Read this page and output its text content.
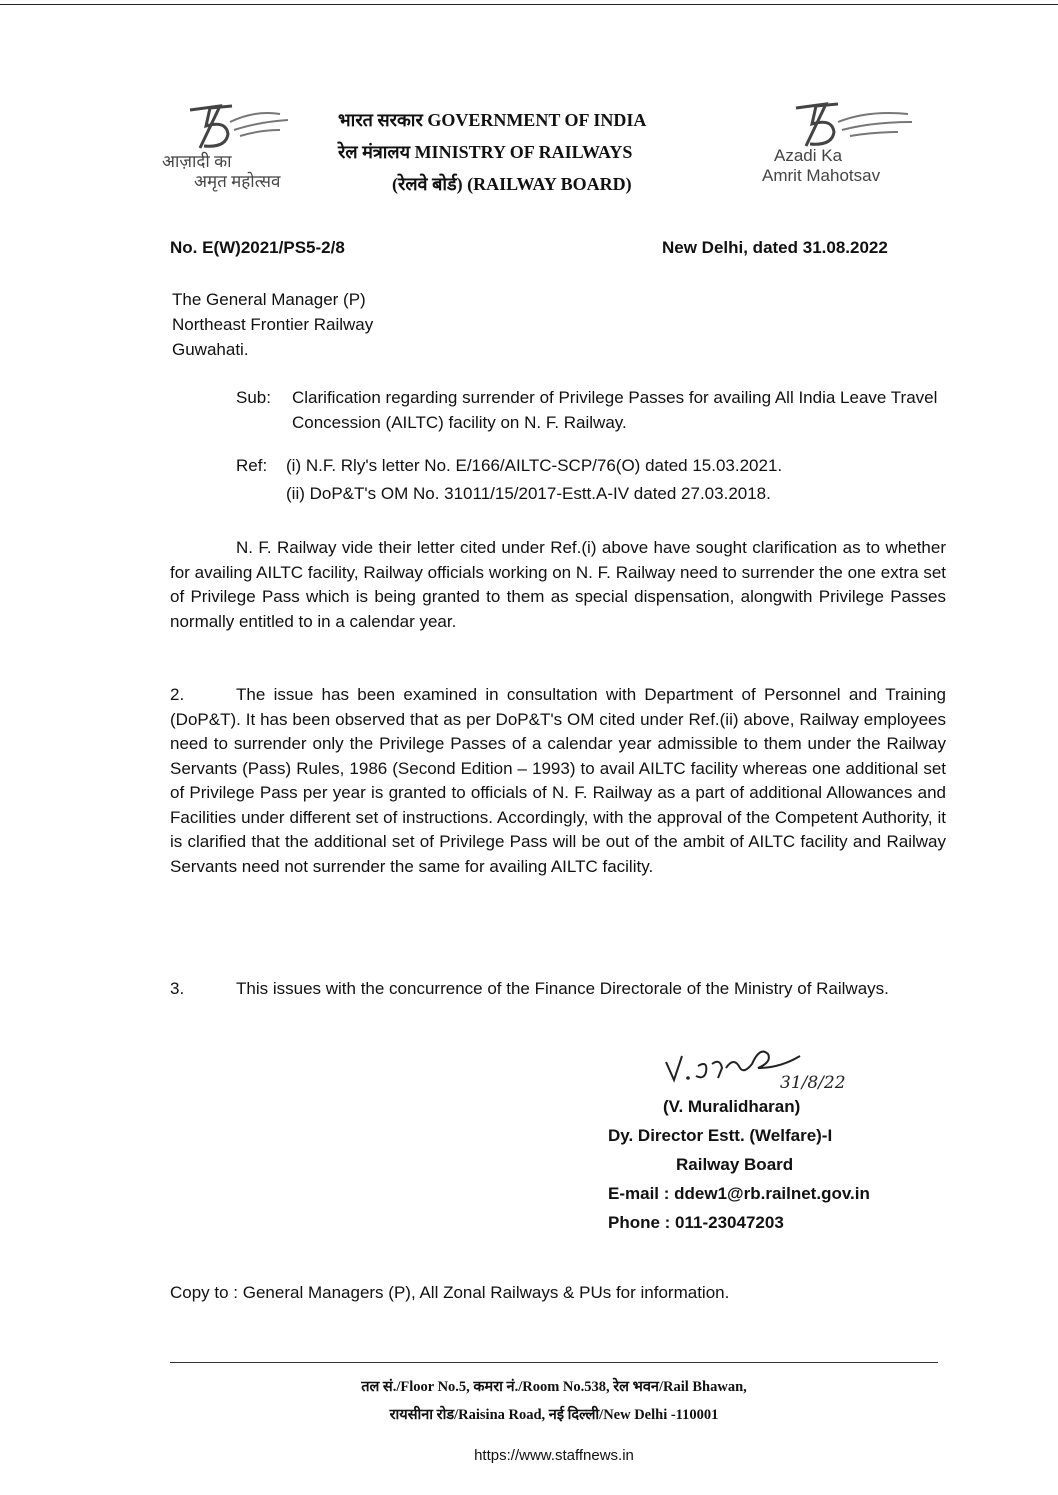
आज़ादी का
अमृत महोत्सव
भारत सरकार GOVERNMENT OF INDIA
रेल मंत्रालय MINISTRY OF RAILWAYS
(रेलवे बोर्ड) (RAILWAY BOARD)
Azadi Ka
Amrit Mahotsav
No. E(W)2021/PS5-2/8	New Delhi, dated 31.08.2022
The General Manager (P)
Northeast Frontier Railway
Guwahati.
Sub: Clarification regarding surrender of Privilege Passes for availing All India Leave Travel Concession (AILTC) facility on N. F. Railway.
Ref: (i) N.F. Rly's letter No. E/166/AILTC-SCP/76(O) dated 15.03.2021.
(ii) DoP&T's OM No. 31011/15/2017-Estt.A-IV dated 27.03.2018.
N. F. Railway vide their letter cited under Ref.(i) above have sought clarification as to whether for availing AILTC facility, Railway officials working on N. F. Railway need to surrender the one extra set of Privilege Pass which is being granted to them as special dispensation, alongwith Privilege Passes normally entitled to in a calendar year.
2.	The issue has been examined in consultation with Department of Personnel and Training (DoP&T). It has been observed that as per DoP&T's OM cited under Ref.(ii) above, Railway employees need to surrender only the Privilege Passes of a calendar year admissible to them under the Railway Servants (Pass) Rules, 1986 (Second Edition – 1993) to avail AILTC facility whereas one additional set of Privilege Pass per year is granted to officials of N. F. Railway as a part of additional Allowances and Facilities under different set of instructions. Accordingly, with the approval of the Competent Authority, it is clarified that the additional set of Privilege Pass will be out of the ambit of AILTC facility and Railway Servants need not surrender the same for availing AILTC facility.
3.	This issues with the concurrence of the Finance Directorale of the Ministry of Railways.
31/8/22
(V. Muralidharan)
Dy. Director Estt. (Welfare)-I
Railway Board
E-mail : ddew1@rb.railnet.gov.in
Phone : 011-23047203
Copy to : General Managers (P), All Zonal Railways & PUs for information.
तल सं./Floor No.5, कमरा नं./Room No.538, रेल भवन/Rail Bhawan,
रायसीना रोड/Raisina Road, नई दिल्ली/New Delhi -110001
https://www.staffnews.in
